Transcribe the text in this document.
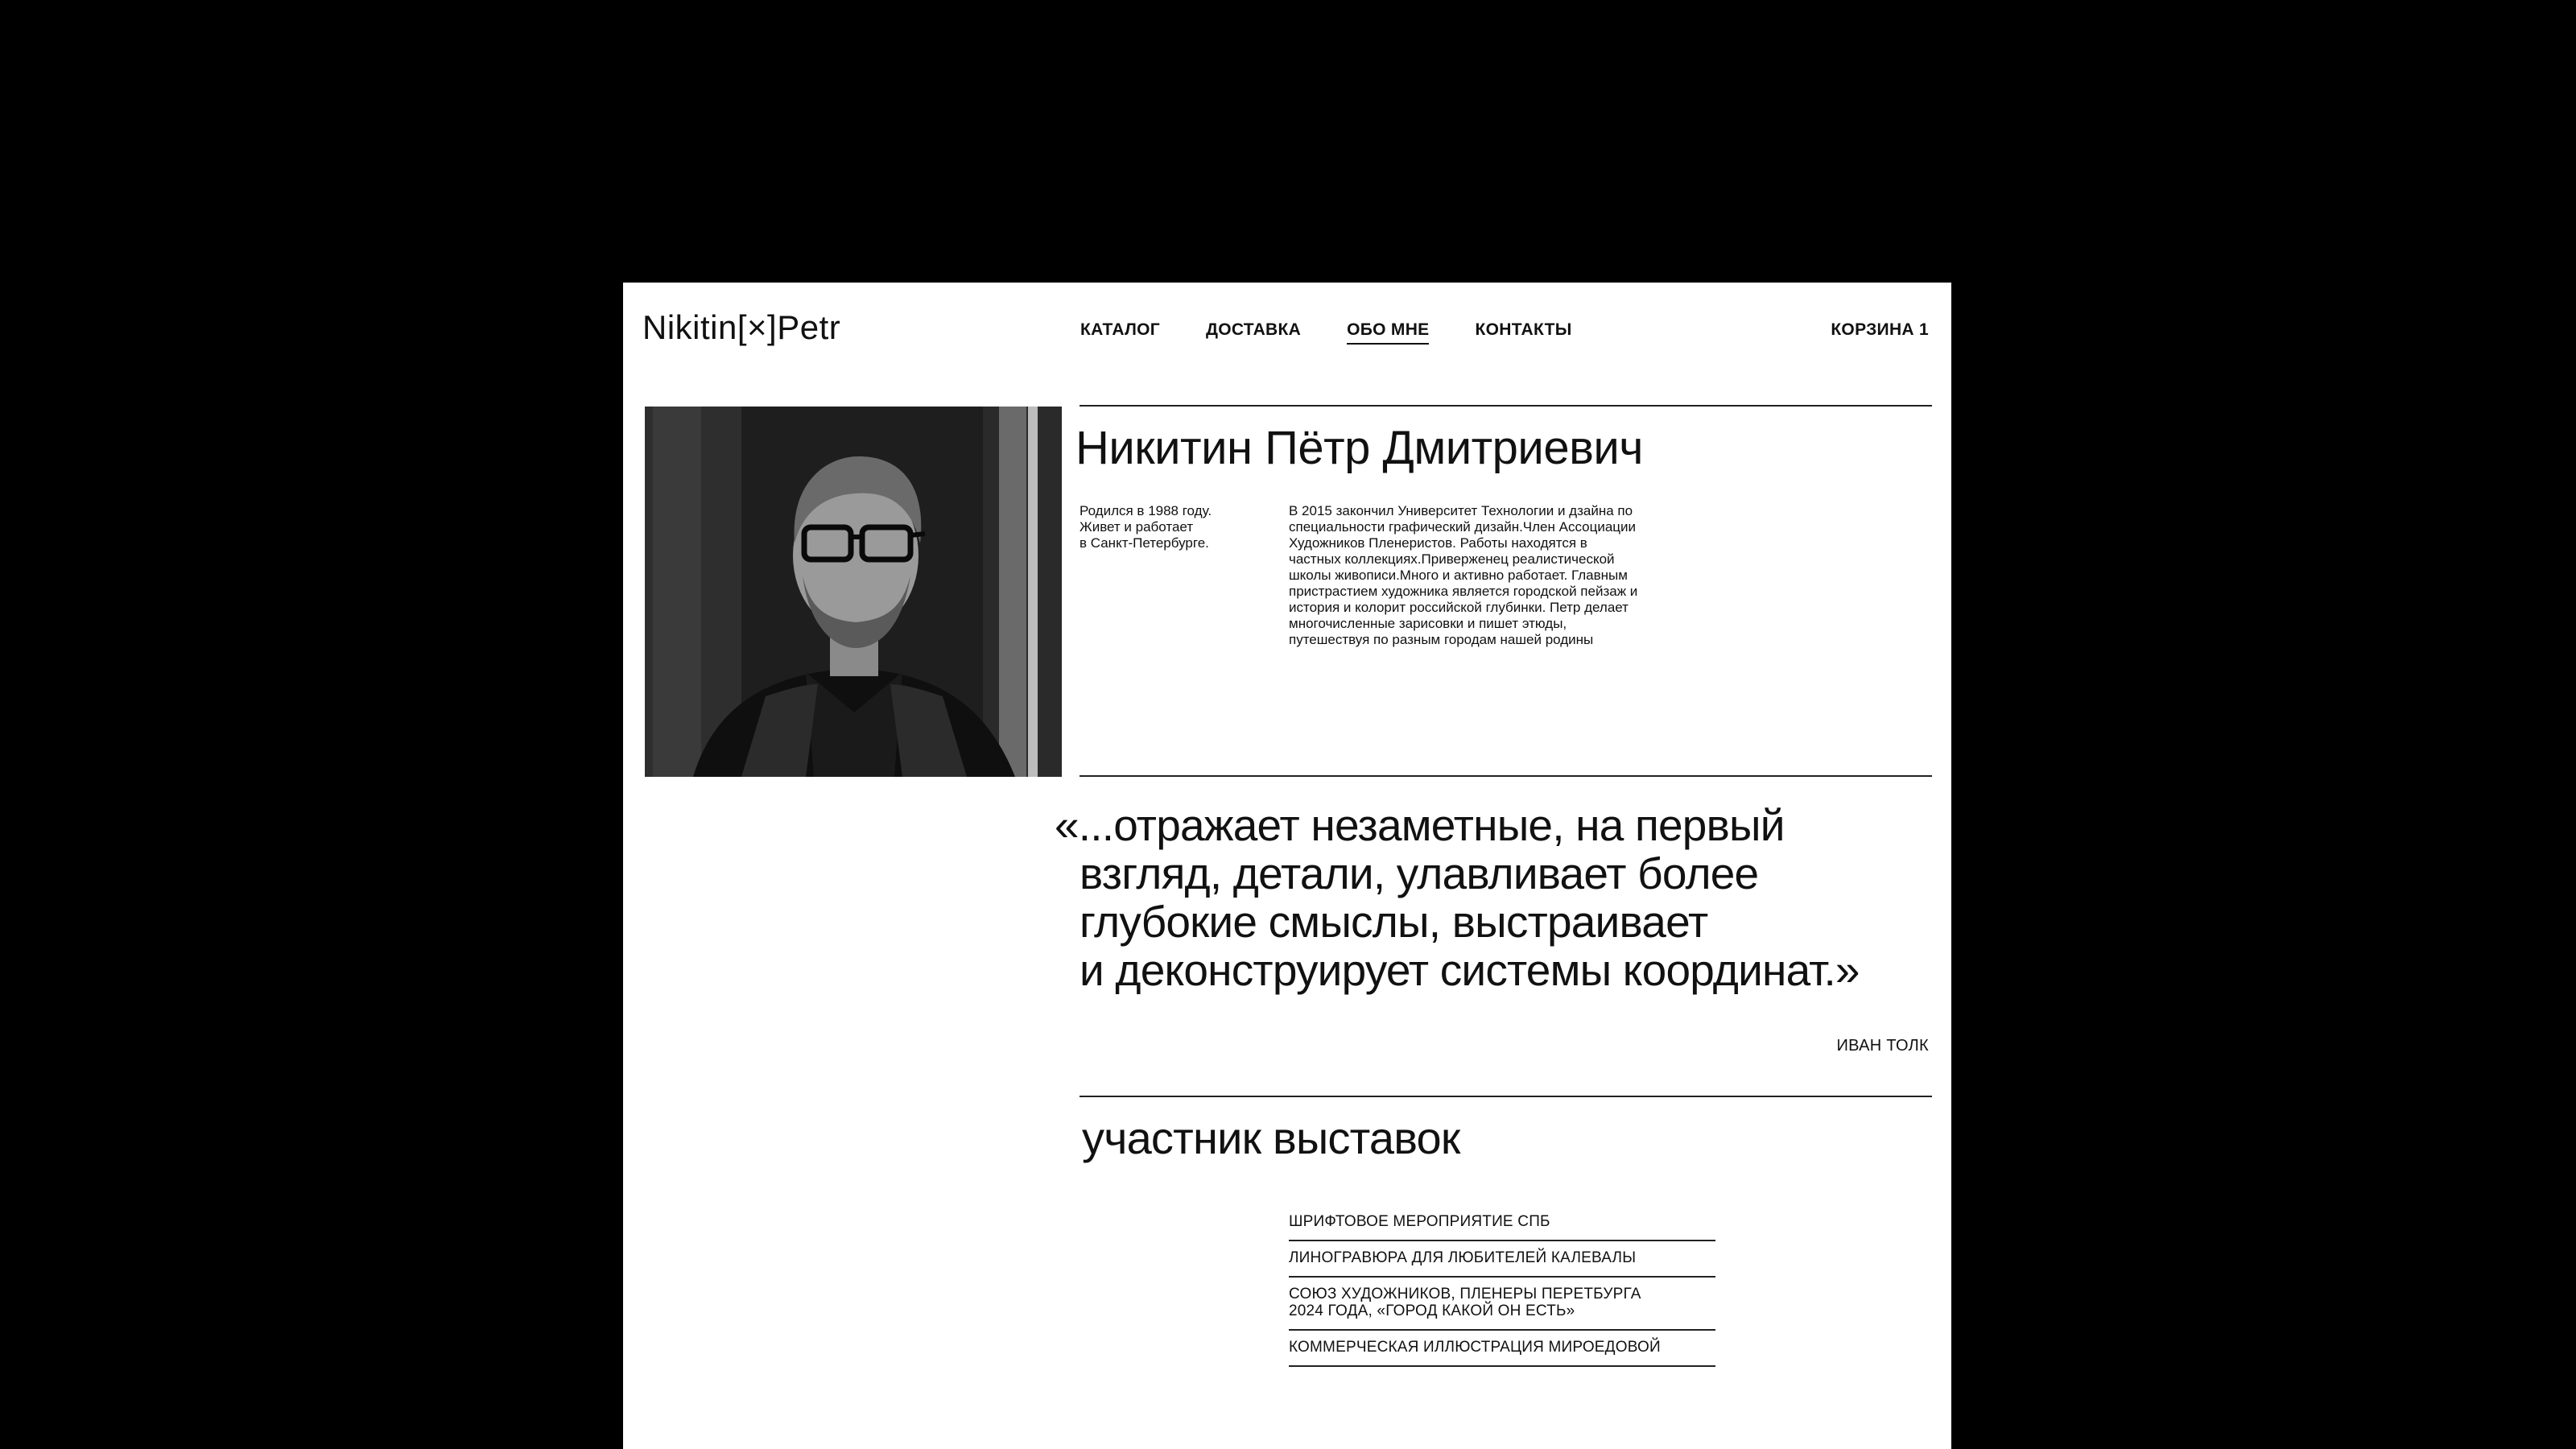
Nikitin[×]Petr	КАТАЛОГ	ДОСТАВКА	ОБО МНЕ	КОНТАКТЫ	КОРЗИНА 1
Никитин Пётр Дмитриевич
Родился в 1988 году.
Живет и работает
в Санкт-Петербурге.
В 2015 закончил Университет Технологии и дзайна по специальности графический дизайн.Член Ассоциации Художников Пленеристов. Работы находятся в частных коллекциях.Приверженец реалистической школы живописи.Много и активно работает. Главным пристрастием художника является городской пейзаж и история и колорит российской глубинки. Петр делает многочисленные зарисовки и пишет этюды, путешествуя по разным городам нашей родины
«...отражает незаметные, на первый
взгляд, детали, улавливает более
глубокие смыслы, выстраивает
и деконструирует системы координат.»
ИВАН ТОЛК
участник выставок
ШРИФТОВОЕ МЕРОПРИЯТИЕ СПБ
ЛИНОГРАВЮРА ДЛЯ ЛЮБИТЕЛЕЙ КАЛЕВАЛЫ
СОЮЗ ХУДОЖНИКОВ, ПЛЕНЕРЫ ПЕРЕТБУРГА
2024 ГОДА, «ГОРОД КАКОЙ ОН ЕСТЬ»
КОММЕРЧЕСКАЯ ИЛЛЮСТРАЦИЯ МИРОЕДОВОЙ
